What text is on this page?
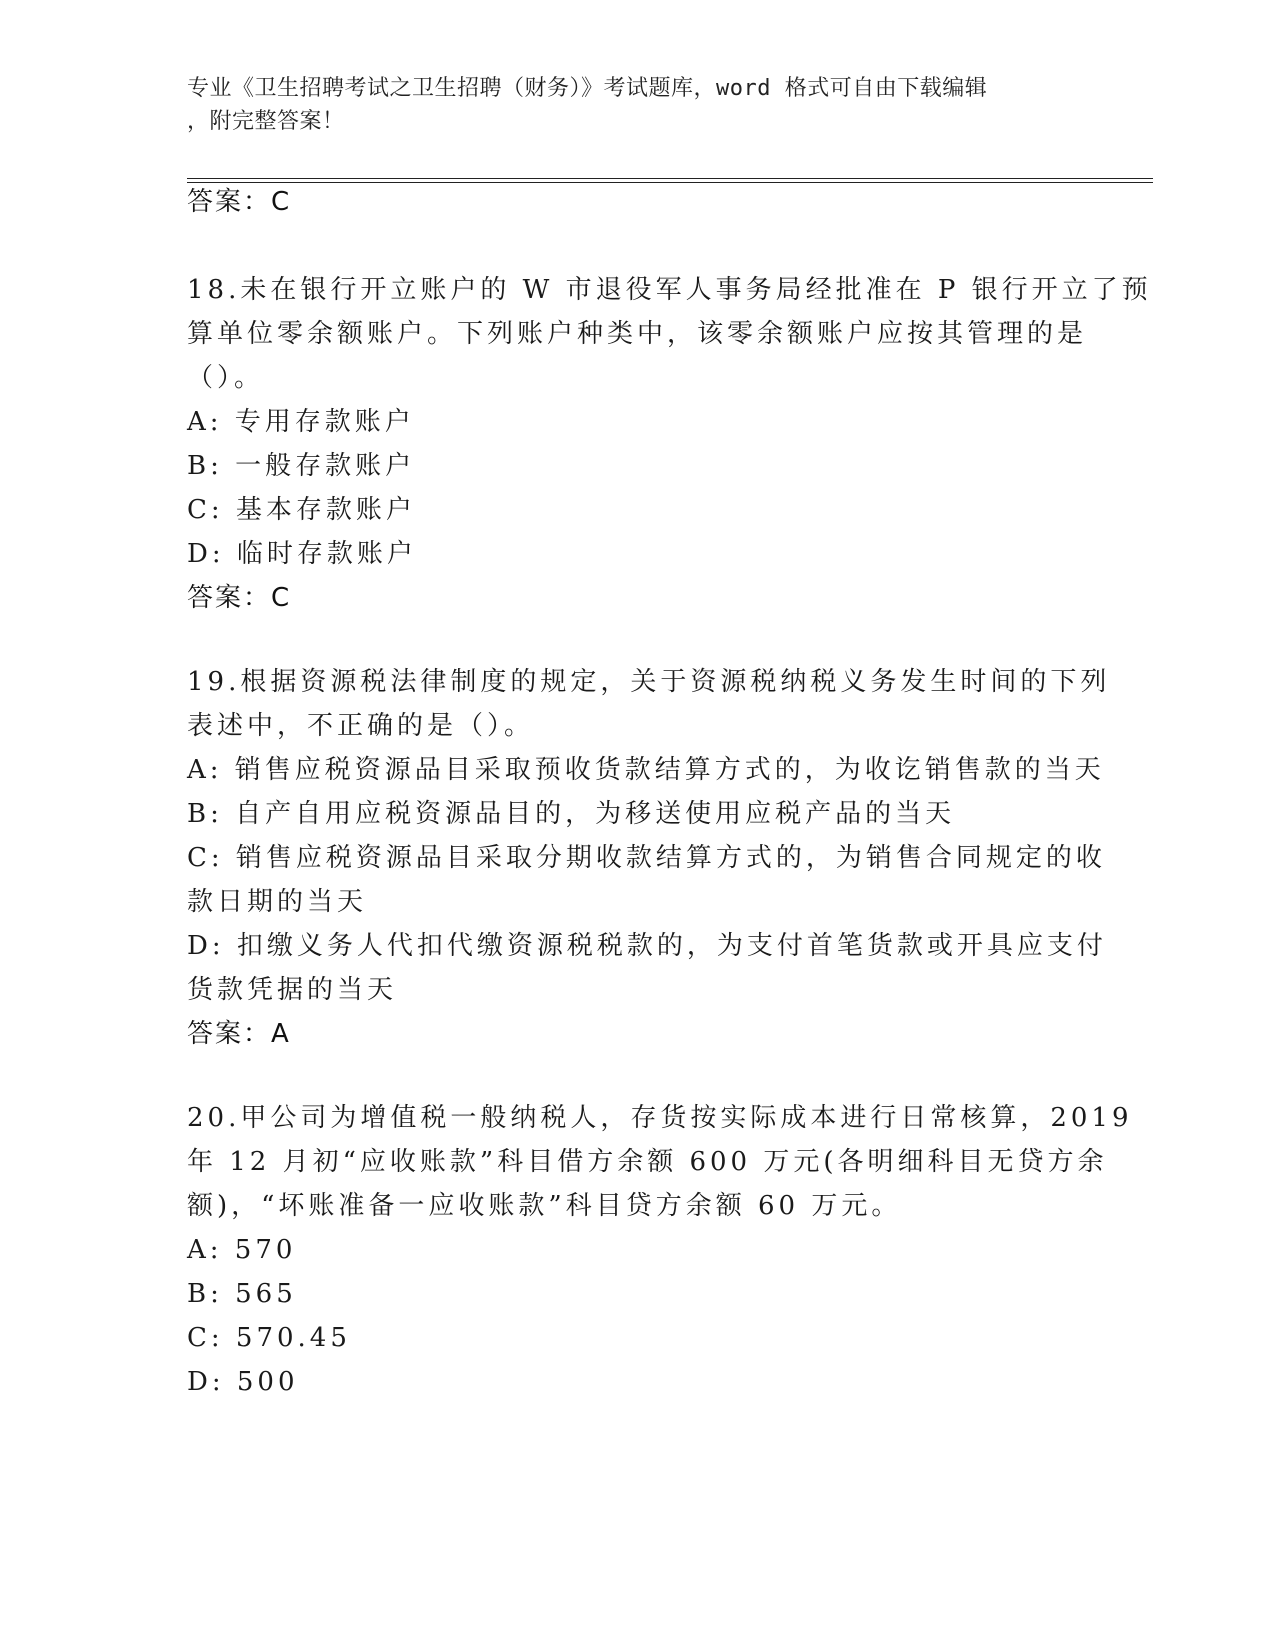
专业《卫生招聘考试之卫生招聘（财务）》考试题库，word 格式可自由下载编辑
，附完整答案！
答案：C
18.未在银行开立账户的 W 市退役军人事务局经批准在 P 银行开立了预
算单位零余额账户。下列账户种类中，该零余额账户应按其管理的是
（）。
A: 专用存款账户
B: 一般存款账户
C: 基本存款账户
D: 临时存款账户
答案：C
19.根据资源税法律制度的规定，关于资源税纳税义务发生时间的下列
表述中，不正确的是（）。
A: 销售应税资源品目采取预收货款结算方式的，为收讫销售款的当天
B: 自产自用应税资源品目的，为移送使用应税产品的当天
C: 销售应税资源品目采取分期收款结算方式的，为销售合同规定的收
款日期的当天
D: 扣缴义务人代扣代缴资源税税款的，为支付首笔货款或开具应支付
货款凭据的当天
答案：A
20.甲公司为增值税一般纳税人，存货按实际成本进行日常核算，2019
年 12 月初“应收账款”科目借方余额 600 万元(各明细科目无贷方余
额)，“坏账准备一应收账款”科目贷方余额 60 万元。
A: 570
B: 565
C: 570.45
D: 500
